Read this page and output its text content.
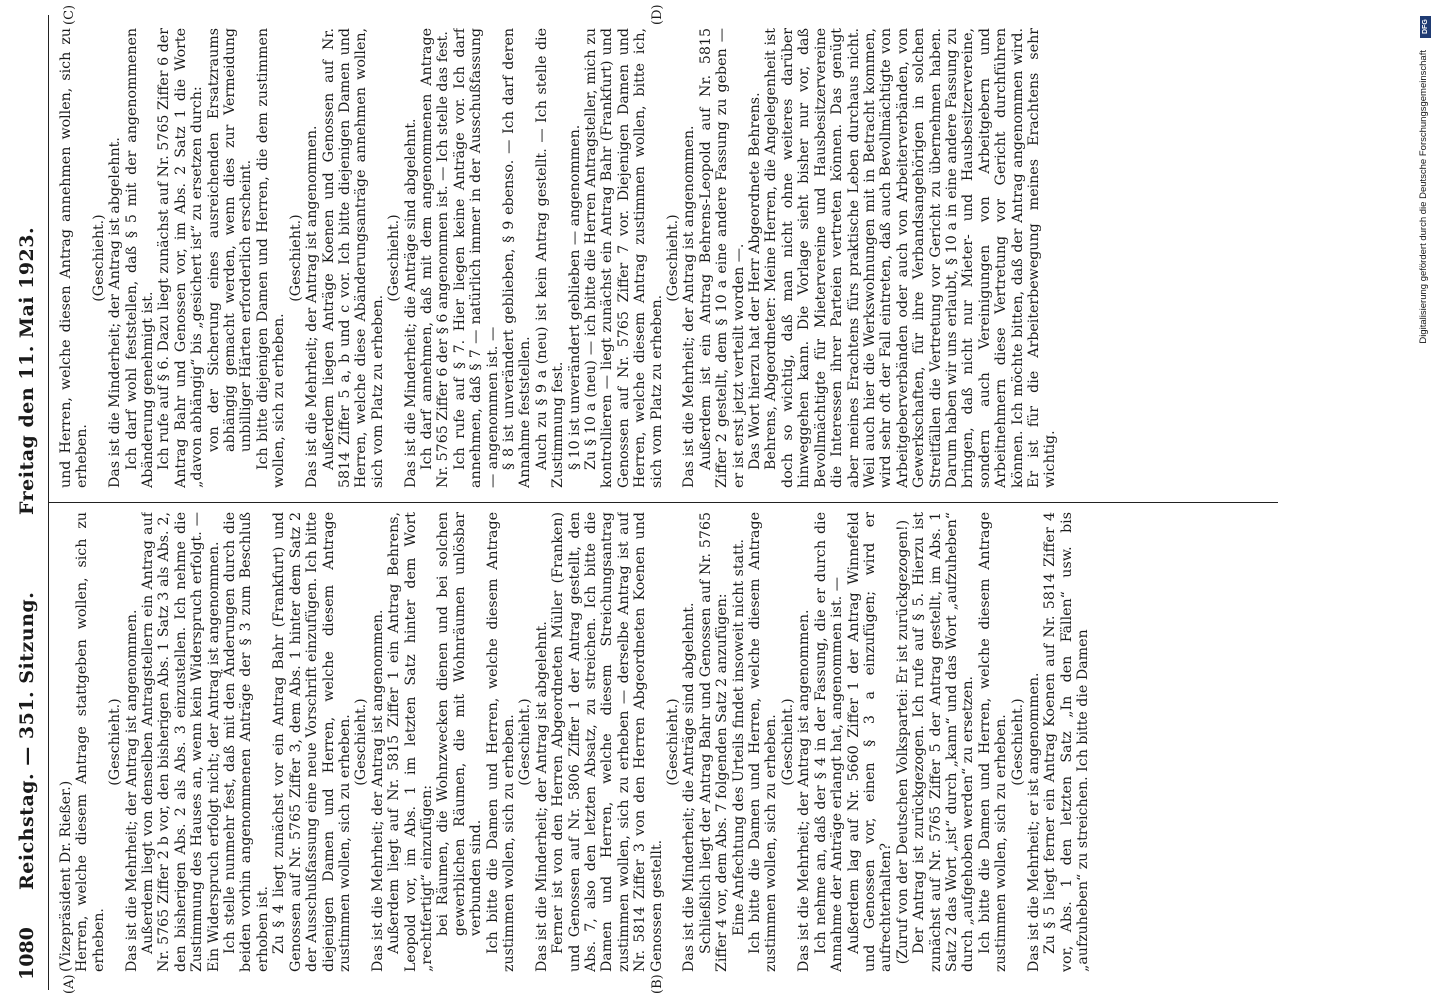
1080
Reichstag. — 351. Sitzung.
Freitag den 11. Mai 1923.
(A)	(B)
(C)	(D)

(Vizepräsident Dr. Rießer.) Herren, welche diesem Antrage stattgeben wollen, sich zu erheben.

(Geschieht.) Das ist die Mehrheit; der Antrag ist angenommen. Außerdem liegt von denselben Antragstellern ein Antrag auf Nr. 5765 Ziffer 2 b vor, den bisherigen Abs. 1 Satz 3 als Abs. 2, den bisherigen Abs. 2 als Abs. 3 einzustellen. Ich nehme die Zustimmung des Hauses an, wenn kein Widerspruch erfolgt. — Ein Widerspruch erfolgt nicht; der Antrag ist angenommen. Ich stelle nunmehr fest, daß mit den Änderungen durch die beiden vorhin angenommenen Anträge der § 3 zum Beschluß erhoben ist. Zu § 4 liegt zunächst vor ein Antrag Bahr (Frankfurt) und Genossen auf Nr. 5765 Ziffer 3, dem Abs. 1 hinter dem Satz 2 der Ausschußfassung eine neue Vorschrift einzufügen. Ich bitte diejenigen Damen und Herren, welche diesem Antrage zustimmen wollen, sich zu erheben. (Geschieht.) Das ist die Mehrheit; der Antrag ist angenommen. Außerdem liegt auf Nr. 5815 Ziffer 1 ein Antrag Behrens, Leopold vor, im Abs. 1 im letzten Satz hinter dem Wort „rechtfertigt“ einzufügen: bei Räumen, die Wohnzwecken dienen und bei solchen gewerblichen Räumen, die mit Wohnräumen unlösbar verbunden sind. Ich bitte die Damen und Herren, welche diesem Antrage zustimmen wollen, sich zu erheben. (Geschieht.) Das ist die Minderheit; der Antrag ist abgelehnt. Ferner ist von den Herren Abgeordneten Müller (Franken) und Genossen auf Nr. 5806 Ziffer 1 der Antrag gestellt, den Abs. 7, also den letzten Absatz, zu streichen. Ich bitte die Damen und Herren, welche diesem Streichungsantrag zustimmen wollen, sich zu erheben — derselbe Antrag ist auf Nr. 5814 Ziffer 3 von den Herren Abgeordneten Koenen und Genossen gestellt.

(Geschieht.) Das ist die Minderheit; die Anträge sind abgelehnt. Schließlich liegt der Antrag Bahr und Genossen auf Nr. 5765 Ziffer 4 vor, dem Abs. 7 folgenden Satz 2 anzufügen: Eine Anfechtung des Urteils findet insoweit nicht statt. Ich bitte die Damen und Herren, welche diesem Antrage zustimmen wollen, sich zu erheben. (Geschieht.) Das ist die Mehrheit; der Antrag ist angenommen. Ich nehme an, daß der § 4 in der Fassung, die er durch die Annahme der Anträge erlangt hat, angenommen ist. — Außerdem lag auf Nr. 5660 Ziffer 1 der Antrag Winnefeld und Genossen vor, einen § 3 a einzufügen; wird er aufrechterhalten? (Zuruf von der Deutschen Volkspartei: Er ist zurückgezogen!) Der Antrag ist zurückgezogen. Ich rufe auf § 5. Hierzu ist zunächst auf Nr. 5765 Ziffer 5 der Antrag gestellt, im Abs. 1 Satz 2 das Wort „ist“ durch „kann“ und das Wort „aufzuheben“ durch „aufgehoben werden“ zu ersetzen. Ich bitte die Damen und Herren, welche diesem Antrage zustimmen wollen, sich zu erheben. (Geschieht.) Das ist die Mehrheit; er ist angenommen. Zu § 5 liegt ferner ein Antrag Koenen auf Nr. 5814 Ziffer 4 vor, Abs. 1 den letzten Satz „In den Fällen“ usw. bis „aufzuheben“ zu streichen. Ich bitte die Damen

und Herren, welche diesen Antrag annehmen wollen, sich zu erheben.

(Geschieht.) Das ist die Minderheit; der Antrag ist abgelehnt. Ich darf wohl feststellen, daß § 5 mit der angenommenen Abänderung genehmigt ist. Ich rufe auf § 6. Dazu liegt zunächst auf Nr. 5765 Ziffer 6 der Antrag Bahr und Genossen vor, im Abs. 2 Satz 1 die Worte „davon abhängig“ bis „gesichert ist“ zu ersetzen durch: von der Sicherung eines ausreichenden Ersatzraums abhängig gemacht werden, wenn dies zur Vermeidung unbilliger Härten erforderlich erscheint. Ich bitte diejenigen Damen und Herren, die dem zustimmen wollen, sich zu erheben.

(Geschieht.) Das ist die Mehrheit; der Antrag ist angenommen. Außerdem liegen Anträge Koenen und Genossen auf Nr. 5814 Ziffer 5 a, b und c vor. Ich bitte diejenigen Damen und Herren, welche diese Abänderungsanträge annehmen wollen, sich vom Platz zu erheben.

(Geschieht.) Das ist die Minderheit; die Anträge sind abgelehnt. Ich darf annehmen, daß mit dem angenommenen Antrage Nr. 5765 Ziffer 6 der § 6 angenommen ist. — Ich stelle das fest. Ich rufe auf § 7. Hier liegen keine Anträge vor. Ich darf annehmen, daß § 7 — natürlich immer in der Ausschußfassung — angenommen ist. — § 8 ist unverändert geblieben, § 9 ebenso. — Ich darf deren Annahme feststellen. Auch zu § 9 a (neu) ist kein Antrag gestellt. — Ich stelle die Zustimmung fest. § 10 ist unverändert geblieben — angenommen. Zu § 10 a (neu) — ich bitte die Herren Antragsteller, mich zu kontrollieren — liegt zunächst ein Antrag Bahr (Frankfurt) und Genossen auf Nr. 5765 Ziffer 7 vor. Diejenigen Damen und Herren, welche diesem Antrag zustimmen wollen, bitte ich, sich vom Platz zu erheben.

(Geschieht.) Das ist die Mehrheit; der Antrag ist angenommen. Außerdem ist ein Antrag Behrens-Leopold auf Nr. 5815 Ziffer 2 gestellt, dem § 10 a eine andere Fassung zu geben — er ist erst jetzt verteilt worden —. Das Wort hierzu hat der Herr Abgeordnete Behrens. Behrens, Abgeordneter: Meine Herren, die Angelegenheit ist doch so wichtig, daß man nicht ohne weiteres darüber hinweggehen kann. Die Vorlage sieht bisher nur vor, daß Bevollmächtigte für Mietervereine und Hausbesitzervereine die Interessen ihrer Parteien vertreten können. Das genügt aber meines Erachtens fürs praktische Leben durchaus nicht. Weil auch hier die Werkswohnungen mit in Betracht kommen, wird sehr oft der Fall eintreten, daß auch Bevollmächtigte von Arbeitgeberverbänden oder auch von Arbeiterverbänden, von Gewerkschaften, für ihre Verbandsangehörigen in solchen Streitfällen die Vertretung vor Gericht zu übernehmen haben. Darum haben wir uns erlaubt, § 10 a in eine andere Fassung zu bringen, daß nicht nur Mieter- und Hausbesitzervereine, sondern auch Vereinigungen von Arbeitgebern und Arbeitnehmern diese Vertretung vor Gericht durchführen können. Ich möchte bitten, daß der Antrag angenommen wird. Er ist für die Arbeiterbewegung meines Erachtens sehr wichtig.

DFG
Digitalisierung gefördert durch die Deutsche Forschungsgemeinschaft
